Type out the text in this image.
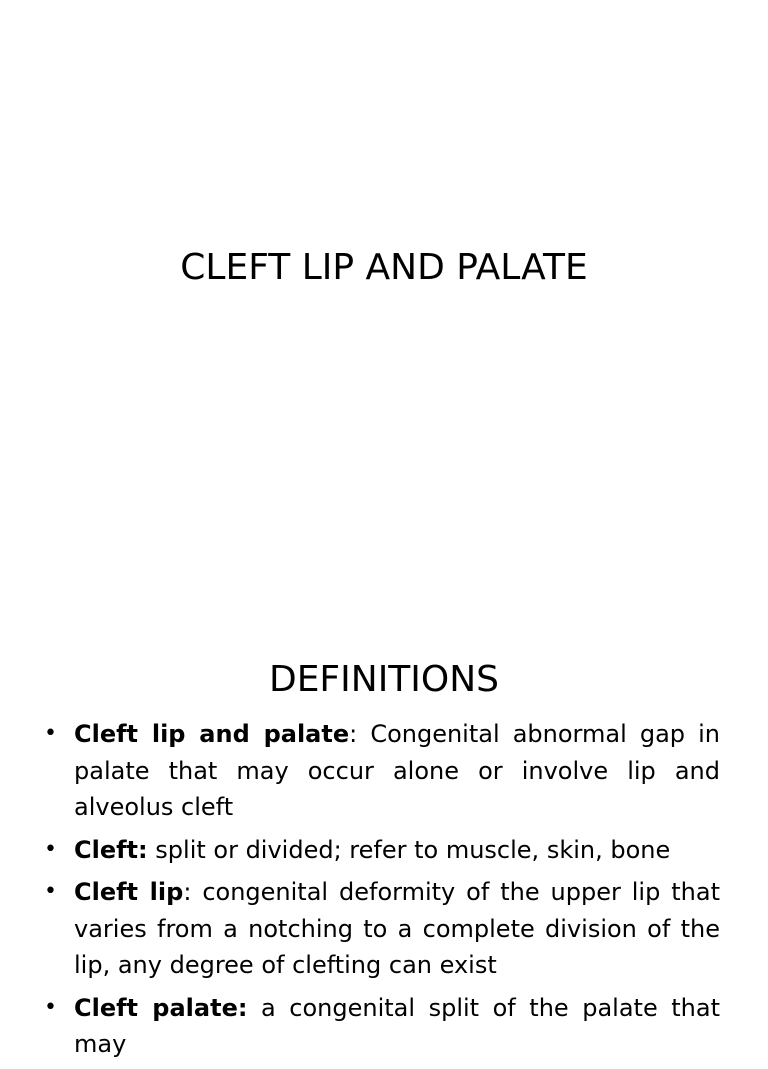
CLEFT LIP AND PALATE
DEFINITIONS
• Cleft lip and palate: Congenital abnormal gap in palate that may occur alone or involve lip and alveolus cleft
• Cleft: split or divided; refer to muscle, skin, bone
• Cleft lip: congenital deformity of the upper lip that varies from a notching to a complete division of the lip, any degree of clefting can exist
• Cleft palate: a congenital split of the palate that may
